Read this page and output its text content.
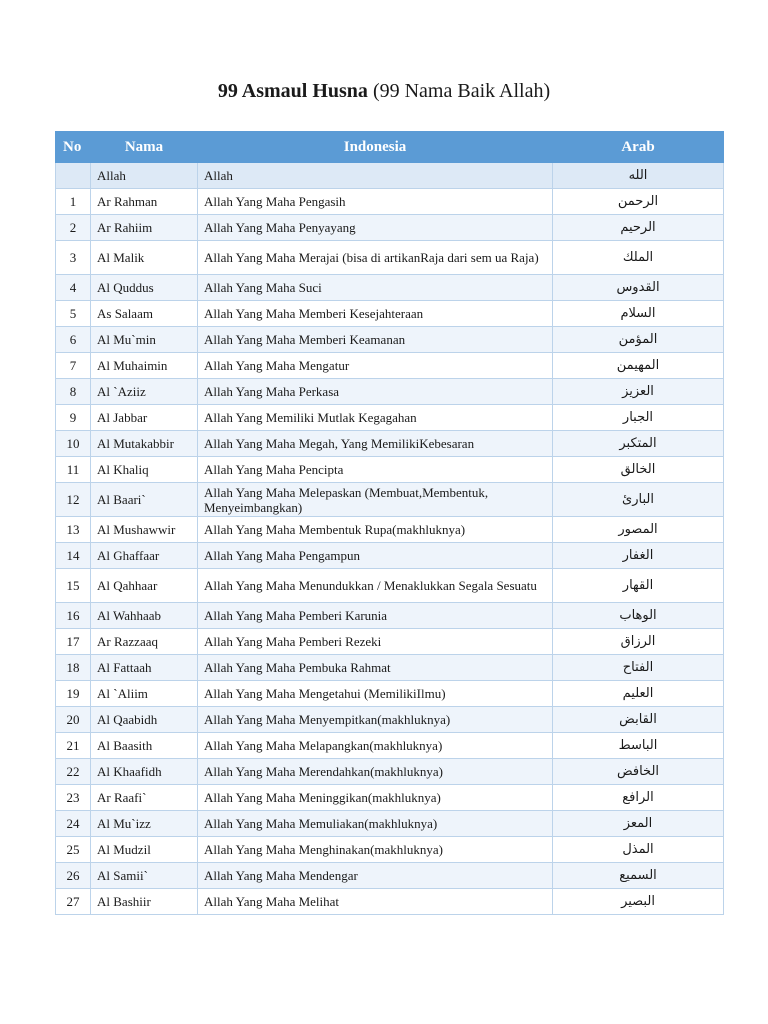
99 Asmaul Husna (99 Nama Baik Allah)
No	Nama	Indonesia	Arab
	Allah	Allah	الله
1	Ar Rahman	Allah Yang Maha Pengasih	الرحمن
2	Ar Rahiim	Allah Yang Maha Penyayang	الرحيم
3	Al Malik	Allah Yang Maha Merajai (bisa di artikanRaja dari sem ua Raja)	الملك
4	Al Quddus	Allah Yang Maha Suci	القدوس
5	As Salaam	Allah Yang Maha Memberi Kesejahteraan	السلام
6	Al Mu`min	Allah Yang Maha Memberi Keamanan	المؤمن
7	Al Muhaimin	Allah Yang Maha Mengatur	المهيمن
8	Al `Aziiz	Allah Yang Maha Perkasa	العزيز
9	Al Jabbar	Allah Yang Memiliki Mutlak Kegagahan	الجبار
10	Al Mutakabbir	Allah Yang Maha Megah, Yang MemilikiKebesaran	المتكبر
11	Al Khaliq	Allah Yang Maha Pencipta	الخالق
12	Al Baari`	Allah Yang Maha Melepaskan (Membuat,Membentuk, Menyeimbangkan)	البارئ
13	Al Mushawwir	Allah Yang Maha Membentuk Rupa(makhluknya)	المصور
14	Al Ghaffaar	Allah Yang Maha Pengampun	الغفار
15	Al Qahhaar	Allah Yang Maha Menundukkan / Menaklukkan Segala Sesuatu	القهار
16	Al Wahhaab	Allah Yang Maha Pemberi Karunia	الوهاب
17	Ar Razzaaq	Allah Yang Maha Pemberi Rezeki	الرزاق
18	Al Fattaah	Allah Yang Maha Pembuka Rahmat	الفتاح
19	Al `Aliim	Allah Yang Maha Mengetahui (MemilikiIlmu)	العليم
20	Al Qaabidh	Allah Yang Maha Menyempitkan(makhluknya)	القابض
21	Al Baasith	Allah Yang Maha Melapangkan(makhluknya)	الباسط
22	Al Khaafidh	Allah Yang Maha Merendahkan(makhluknya)	الخافض
23	Ar Raafi`	Allah Yang Maha Meninggikan(makhluknya)	الرافع
24	Al Mu`izz	Allah Yang Maha Memuliakan(makhluknya)	المعز
25	Al Mudzil	Allah Yang Maha Menghinakan(makhluknya)	المذل
26	Al Samii`	Allah Yang Maha Mendengar	السميع
27	Al Bashiir	Allah Yang Maha Melihat	البصير
